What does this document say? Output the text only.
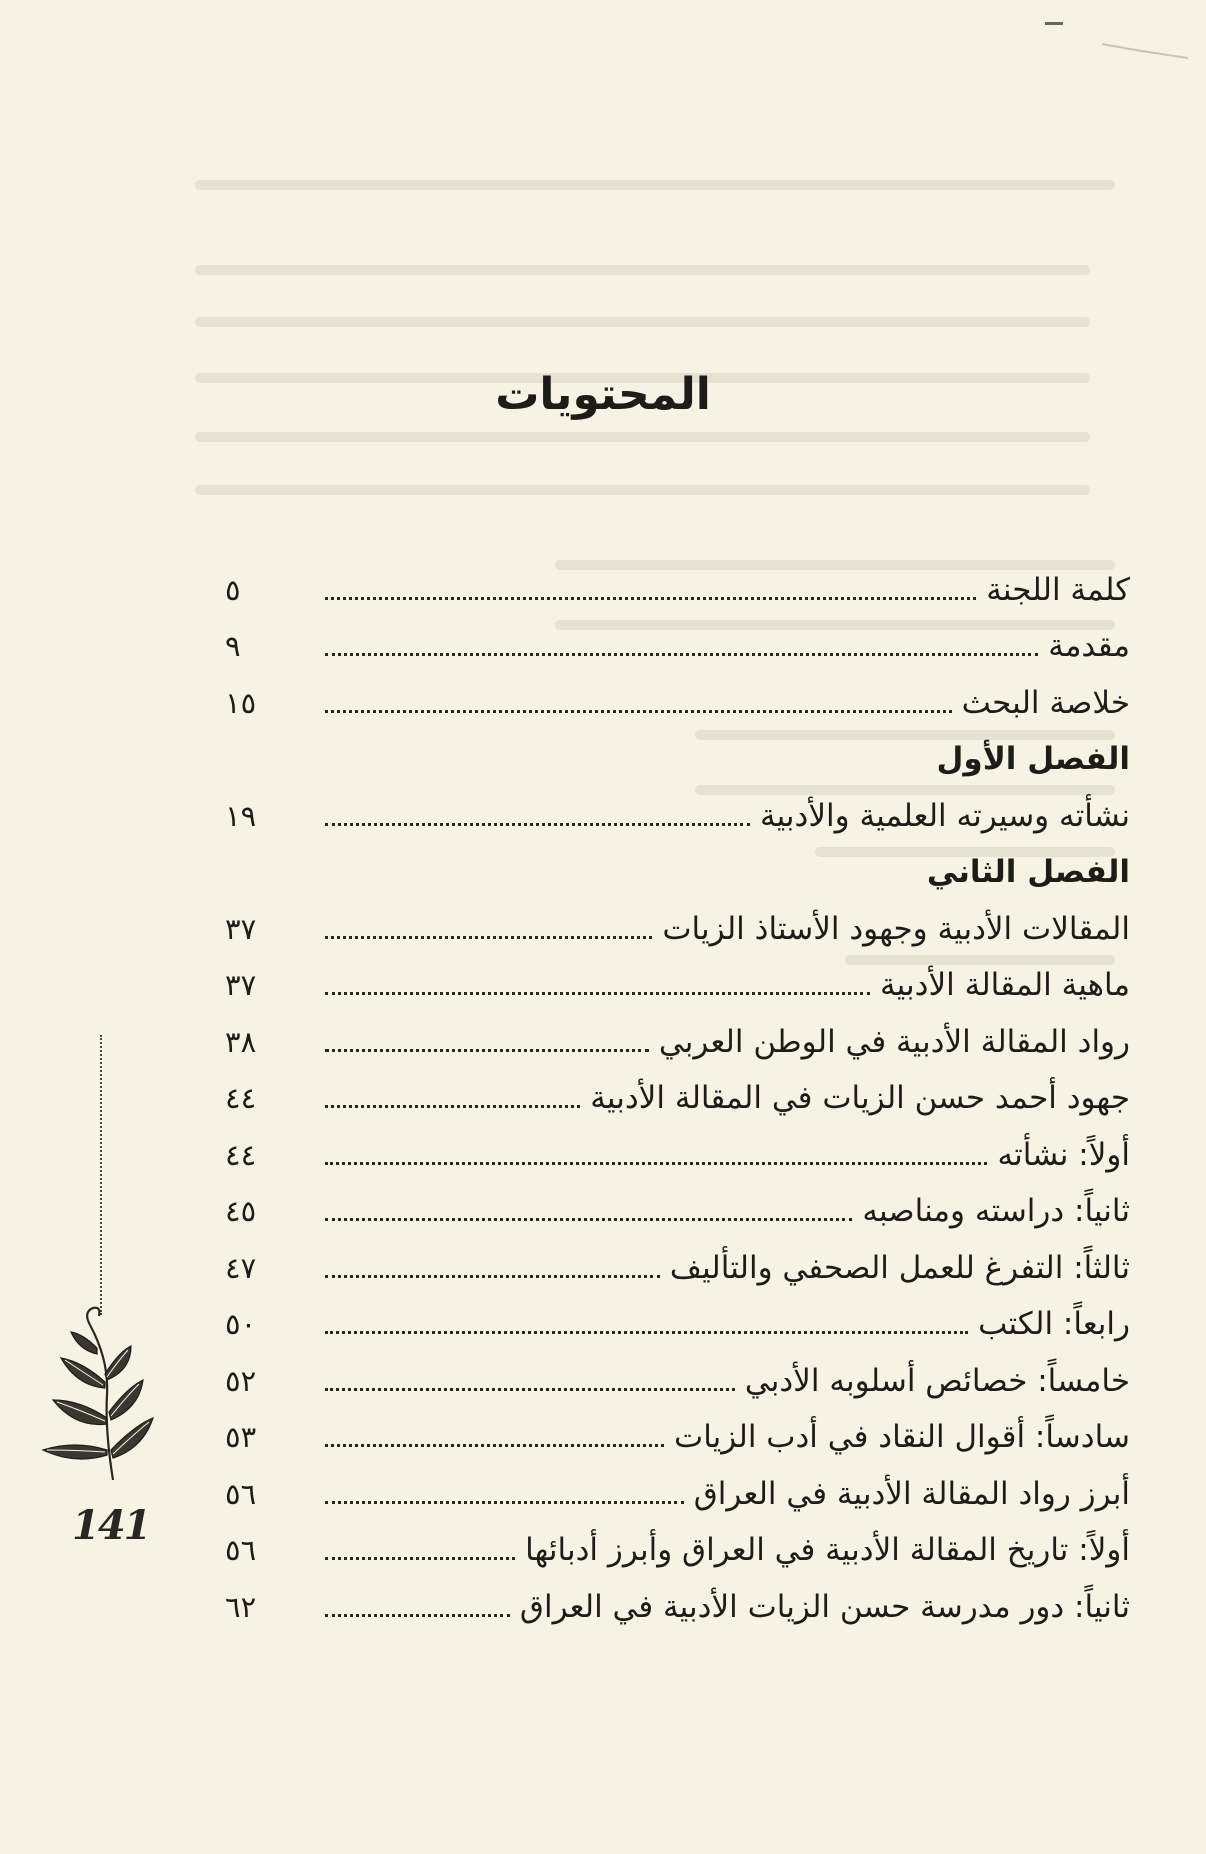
المحتويات
كلمة اللجنة
٥
مقدمة
٩
خلاصة البحث
١٥
الفصل الأول
نشأته وسيرته العلمية والأدبية
١٩
الفصل الثاني
المقالات الأدبية وجهود الأستاذ الزيات
٣٧
ماهية المقالة الأدبية
٣٧
رواد المقالة الأدبية في الوطن العربي
٣٨
جهود أحمد حسن الزيات في المقالة الأدبية
٤٤
أولاً: نشأته
٤٤
ثانياً: دراسته ومناصبه
٤٥
ثالثاً: التفرغ للعمل الصحفي والتأليف
٤٧
رابعاً: الكتب
٥٠
خامساً: خصائص أسلوبه الأدبي
٥٢
سادساً: أقوال النقاد في أدب الزيات
٥٣
أبرز رواد المقالة الأدبية في العراق
٥٦
أولاً: تاريخ المقالة الأدبية في العراق وأبرز أدبائها
٥٦
ثانياً: دور مدرسة حسن الزيات الأدبية في العراق
٦٢
141
